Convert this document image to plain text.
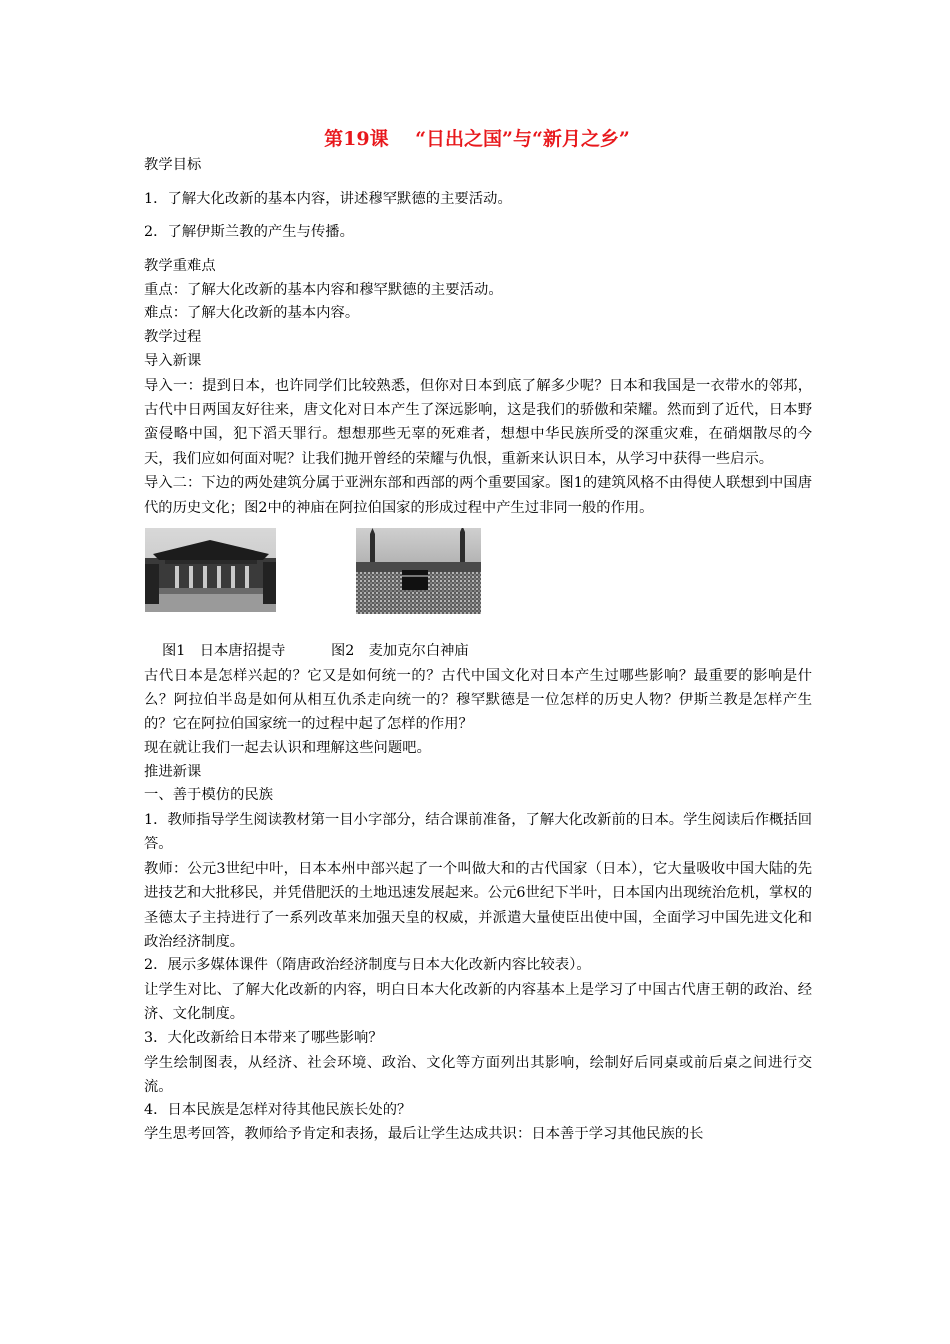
第19课 “日出之国”与“新月之乡”
教学目标
1．了解大化改新的基本内容，讲述穆罕默德的主要活动。
2．了解伊斯兰教的产生与传播。
教学重难点
重点：了解大化改新的基本内容和穆罕默德的主要活动。
难点：了解大化改新的基本内容。
教学过程
导入新课
导入一：提到日本，也许同学们比较熟悉，但你对日本到底了解多少呢？日本和我国是一衣带水的邻邦，古代中日两国友好往来，唐文化对日本产生了深远影响，这是我们的骄傲和荣耀。然而到了近代，日本野蛮侵略中国，犯下滔天罪行。想想那些无辜的死难者，想想中华民族所受的深重灾难，在硝烟散尽的今天，我们应如何面对呢？让我们抛开曾经的荣耀与仇恨，重新来认识日本，从学习中获得一些启示。
导入二：下边的两处建筑分属于亚洲东部和西部的两个重要国家。图1的建筑风格不由得使人联想到中国唐代的历史文化；图2中的神庙在阿拉伯国家的形成过程中产生过非同一般的作用。
图1　日本唐招提寺	图2　麦加克尔白神庙
古代日本是怎样兴起的？它又是如何统一的？古代中国文化对日本产生过哪些影响？最重要的影响是什么？阿拉伯半岛是如何从相互仇杀走向统一的？穆罕默德是一位怎样的历史人物？伊斯兰教是怎样产生的？它在阿拉伯国家统一的过程中起了怎样的作用？
现在就让我们一起去认识和理解这些问题吧。
推进新课
一、善于模仿的民族
1．教师指导学生阅读教材第一目小字部分，结合课前准备，了解大化改新前的日本。学生阅读后作概括回答。
教师：公元3世纪中叶，日本本州中部兴起了一个叫做大和的古代国家（日本），它大量吸收中国大陆的先进技艺和大批移民，并凭借肥沃的土地迅速发展起来。公元6世纪下半叶，日本国内出现统治危机，掌权的圣德太子主持进行了一系列改革来加强天皇的权威，并派遣大量使臣出使中国，全面学习中国先进文化和政治经济制度。
2．展示多媒体课件（隋唐政治经济制度与日本大化改新内容比较表）。
让学生对比、了解大化改新的内容，明白日本大化改新的内容基本上是学习了中国古代唐王朝的政治、经济、文化制度。
3．大化改新给日本带来了哪些影响？
学生绘制图表，从经济、社会环境、政治、文化等方面列出其影响，绘制好后同桌或前后桌之间进行交流。
4．日本民族是怎样对待其他民族长处的？
学生思考回答，教师给予肯定和表扬，最后让学生达成共识：日本善于学习其他民族的长
